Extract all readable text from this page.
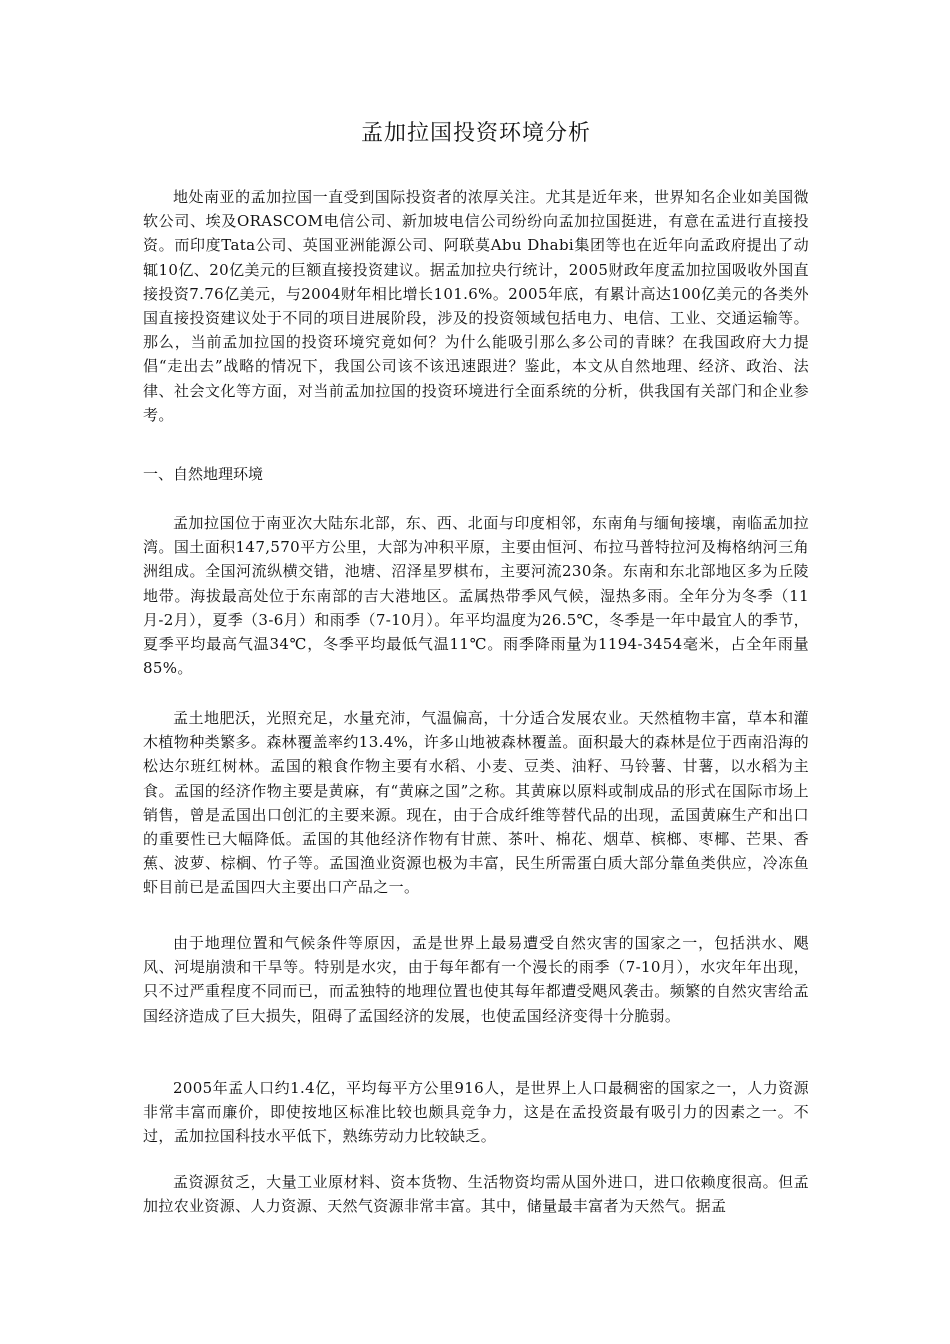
孟加拉国投资环境分析

地处南亚的孟加拉国一直受到国际投资者的浓厚关注。尤其是近年来，世界知名企业如美国微软公司、埃及ORASCOM电信公司、新加坡电信公司纷纷向孟加拉国挺进，有意在孟进行直接投资。而印度Tata公司、英国亚洲能源公司、阿联莫Abu Dhabi集团等也在近年向孟政府提出了动辄10亿、20亿美元的巨额直接投资建议。据孟加拉央行统计，2005财政年度孟加拉国吸收外国直接投资7.76亿美元，与2004财年相比增长101.6%。2005年底，有累计高达100亿美元的各类外国直接投资建议处于不同的项目进展阶段，涉及的投资领域包括电力、电信、工业、交通运输等。那么，当前孟加拉国的投资环境究竟如何？为什么能吸引那么多公司的青睐？在我国政府大力提倡“走出去”战略的情况下，我国公司该不该迅速跟进？鉴此，本文从自然地理、经济、政治、法律、社会文化等方面，对当前孟加拉国的投资环境进行全面系统的分析，供我国有关部门和企业参考。

一、自然地理环境

孟加拉国位于南亚次大陆东北部，东、西、北面与印度相邻，东南角与缅甸接壤，南临孟加拉湾。国土面积147,570平方公里，大部为冲积平原，主要由恒河、布拉马普特拉河及梅格纳河三角洲组成。全国河流纵横交错，池塘、沼泽星罗棋布，主要河流230条。东南和东北部地区多为丘陵地带。海拔最高处位于东南部的吉大港地区。孟属热带季风气候，湿热多雨。全年分为冬季（11月-2月），夏季（3-6月）和雨季（7-10月）。年平均温度为26.5℃，冬季是一年中最宜人的季节，夏季平均最高气温34℃，冬季平均最低气温11℃。雨季降雨量为1194-3454毫米，占全年雨量85%。

孟土地肥沃，光照充足，水量充沛，气温偏高，十分适合发展农业。天然植物丰富，草本和灌木植物种类繁多。森林覆盖率约13.4%，许多山地被森林覆盖。面积最大的森林是位于西南沿海的松达尔班红树林。孟国的粮食作物主要有水稻、小麦、豆类、油籽、马铃薯、甘薯，以水稻为主食。孟国的经济作物主要是黄麻，有“黄麻之国”之称。其黄麻以原料或制成品的形式在国际市场上销售，曾是孟国出口创汇的主要来源。现在，由于合成纤维等替代品的出现，孟国黄麻生产和出口的重要性已大幅降低。孟国的其他经济作物有甘蔗、茶叶、棉花、烟草、槟榔、枣椰、芒果、香蕉、波萝、棕榈、竹子等。孟国渔业资源也极为丰富，民生所需蛋白质大部分靠鱼类供应，冷冻鱼虾目前已是孟国四大主要出口产品之一。

由于地理位置和气候条件等原因，孟是世界上最易遭受自然灾害的国家之一，包括洪水、飓风、河堤崩溃和干旱等。特别是水灾，由于每年都有一个漫长的雨季（7-10月），水灾年年出现，只不过严重程度不同而已，而孟独特的地理位置也使其每年都遭受飓风袭击。频繁的自然灾害给孟国经济造成了巨大损失，阻碍了孟国经济的发展，也使孟国经济变得十分脆弱。

2005年孟人口约1.4亿，平均每平方公里916人，是世界上人口最稠密的国家之一，人力资源非常丰富而廉价，即使按地区标准比较也颇具竞争力，这是在孟投资最有吸引力的因素之一。不过，孟加拉国科技水平低下，熟练劳动力比较缺乏。

孟资源贫乏，大量工业原材料、资本货物、生活物资均需从国外进口，进口依赖度很高。但孟加拉农业资源、人力资源、天然气资源非常丰富。其中，储量最丰富者为天然气。据孟
